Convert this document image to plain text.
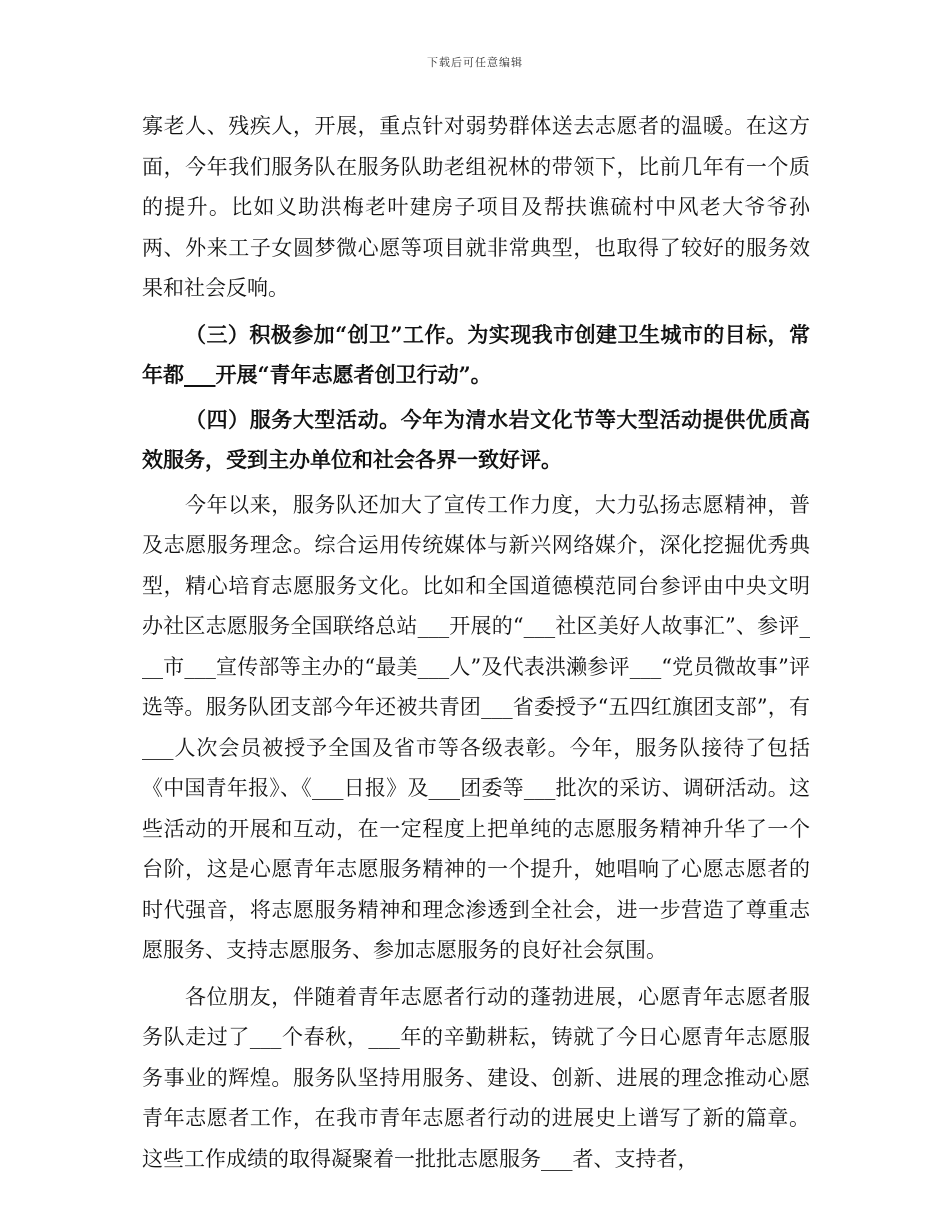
下载后可任意编辑

寡老人、残疾人，开展，重点针对弱势群体送去志愿者的温暖。在这方面，今年我们服务队在服务队助老组祝林的带领下，比前几年有一个质的提升。比如义助洪梅老叶建房子项目及帮扶谯硫村中风老大爷爷孙两、外来工子女圆梦微心愿等项目就非常典型，也取得了较好的服务效果和社会反响。

（三）积极参加“创卫”工作。为实现我市创建卫生城市的目标，常年都___开展“青年志愿者创卫行动”。

（四）服务大型活动。今年为清水岩文化节等大型活动提供优质高效服务，受到主办单位和社会各界一致好评。

今年以来，服务队还加大了宣传工作力度，大力弘扬志愿精神，普及志愿服务理念。综合运用传统媒体与新兴网络媒介，深化挖掘优秀典型，精心培育志愿服务文化。比如和全国道德模范同台参评由中央文明办社区志愿服务全国联络总站___开展的“___社区美好人故事汇”、参评___市___宣传部等主办的“最美___人”及代表洪濑参评___“党员微故事”评选等。服务队团支部今年还被共青团___省委授予“五四红旗团支部”，有___人次会员被授予全国及省市等各级表彰。今年，服务队接待了包括《中国青年报》、《___日报》及___团委等___批次的采访、调研活动。这些活动的开展和互动，在一定程度上把单纯的志愿服务精神升华了一个台阶，这是心愿青年志愿服务精神的一个提升，她唱响了心愿志愿者的时代强音，将志愿服务精神和理念渗透到全社会，进一步营造了尊重志愿服务、支持志愿服务、参加志愿服务的良好社会氛围。

各位朋友，伴随着青年志愿者行动的蓬勃进展，心愿青年志愿者服务队走过了___个春秋，___年的辛勤耕耘，铸就了今日心愿青年志愿服务事业的辉煌。服务队坚持用服务、建设、创新、进展的理念推动心愿青年志愿者工作，在我市青年志愿者行动的进展史上谱写了新的篇章。这些工作成绩的取得凝聚着一批批志愿服务___者、支持者，
